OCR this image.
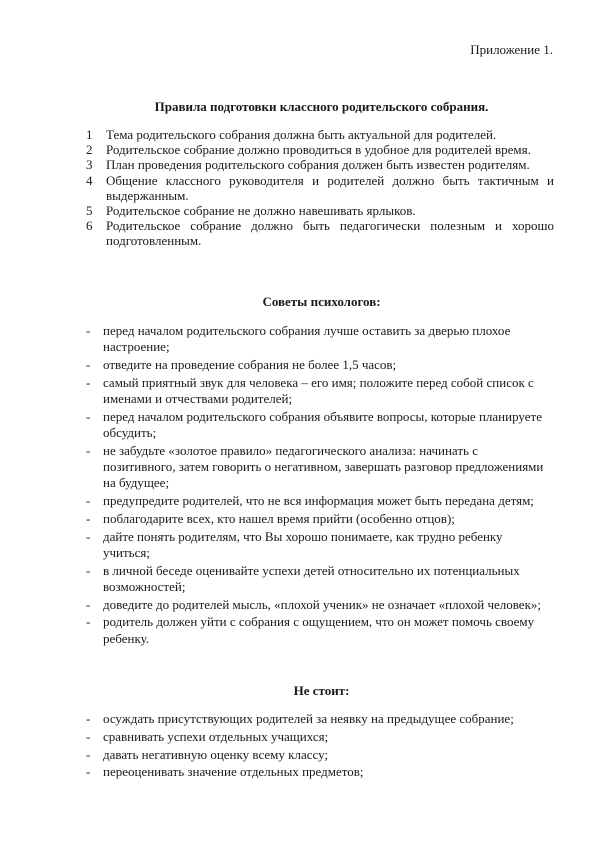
Приложение 1.
Правила подготовки классного родительского собрания.
1 Тема родительского собрания должна быть актуальной для родителей.
2 Родительское собрание должно проводиться в удобное для родителей время.
3 План проведения родительского собрания должен быть известен родителям.
4 Общение классного руководителя и родителей должно быть тактичным и выдержанным.
5 Родительское собрание не должно навешивать ярлыков.
6 Родительское собрание должно быть педагогически полезным и хорошо подготовленным.
Советы психологов:
- перед началом родительского собрания лучше оставить за дверью плохое настроение;
- отведите на проведение собрания не более 1,5 часов;
- самый приятный звук для человека – его имя; положите перед собой список с именами и отчествами родителей;
- перед началом родительского собрания объявите вопросы, которые планируете обсудить;
- не забудьте «золотое правило» педагогического анализа: начинать с позитивного, затем говорить о негативном, завершать разговор предложениями на будущее;
- предупредите родителей, что не вся информация может быть передана детям;
- поблагодарите всех, кто нашел время прийти (особенно отцов);
- дайте понять родителям, что Вы хорошо понимаете, как трудно ребенку учиться;
- в личной беседе оценивайте успехи детей относительно их потенциальных возможностей;
- доведите до родителей мысль, «плохой ученик» не означает «плохой человек»;
- родитель должен уйти с собрания с ощущением, что он может помочь своему ребенку.
Не стоит:
- осуждать присутствующих родителей за неявку на предыдущее собрание;
- сравнивать успехи отдельных учащихся;
- давать негативную оценку всему классу;
- переоценивать значение отдельных предметов;
